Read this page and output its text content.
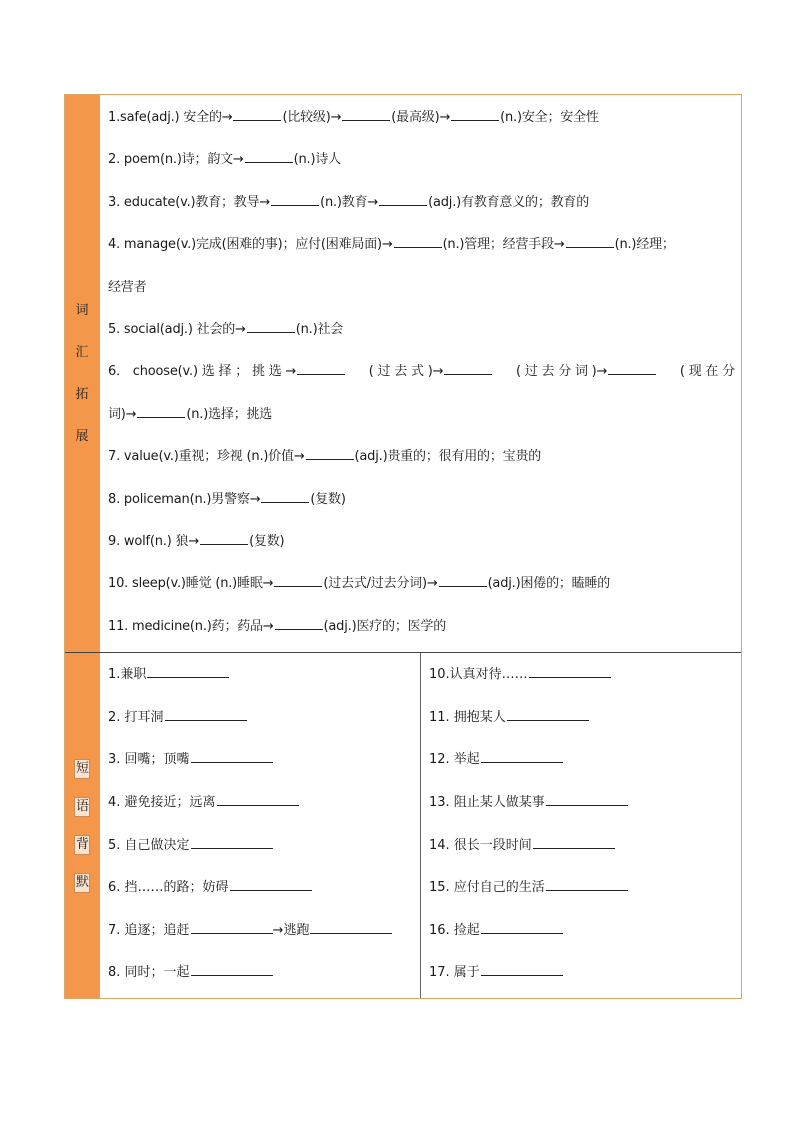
词
汇
拓
展
1.safe(adj.) 安全的→	(比较级)→	(最高级)→	(n.)安全；安全性
2. poem(n.)诗；韵文→	(n.)诗人
3. educate(v.)教育；教导→	(n.)教育→	(adj.)有教育意义的；教育的
4. manage(v.)完成(困难的事)；应付(困难局面)→	(n.)管理；经营手段→	(n.)经理；
经营者
5. social(adj.) 社会的→	(n.)社会
6． choose(v.) 选 择 ； 挑 选 →	( 过 去 式 )→	( 过 去 分 词 )→	( 现 在 分
词)→	(n.)选择；挑选
7. value(v.)重视；珍视 (n.)价值→	(adj.)贵重的；很有用的；宝贵的
8. policeman(n.)男警察→	(复数)
9. wolf(n.) 狼→	(复数)
10. sleep(v.)睡觉 (n.)睡眠→	(过去式/过去分词)→	(adj.)困倦的；瞌睡的
11. medicine(n.)药；药品→	(adj.)医疗的；医学的
短
语
背
默
1.兼职
2. 打耳洞
3. 回嘴；顶嘴
4. 避免接近；远离
5. 自己做决定
6. 挡……的路；妨碍
7. 追逐；追赶	→逃跑
8. 同时；一起
10.认真对待……
11. 拥抱某人
12. 举起
13. 阻止某人做某事
14. 很长一段时间
15. 应付自己的生活
16. 捡起
17. 属于
